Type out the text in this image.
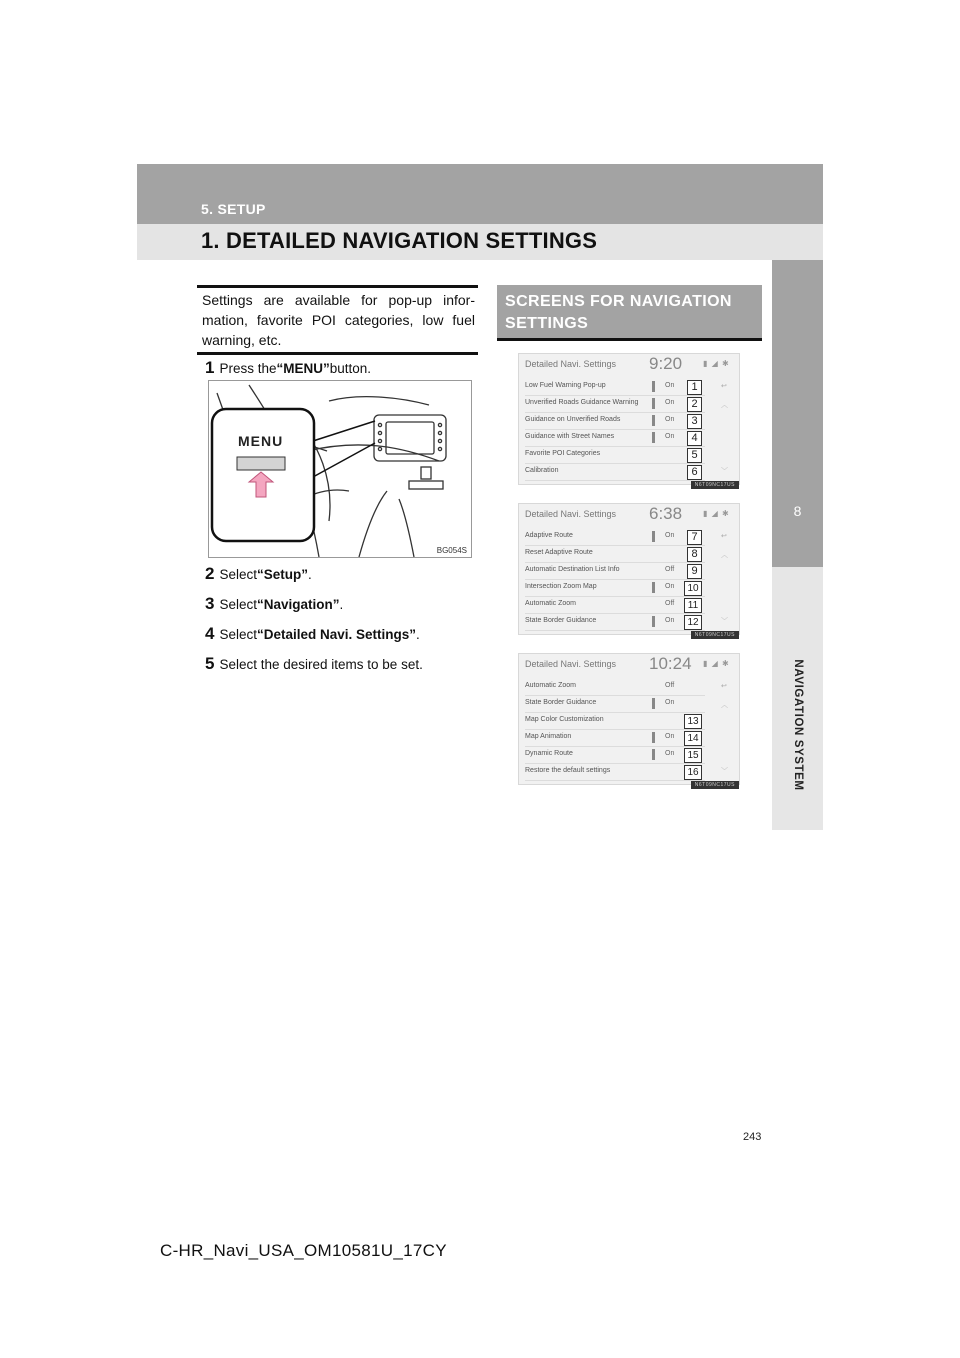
5. SETUP
1. DETAILED NAVIGATION SETTINGS
8
NAVIGATION SYSTEM
Settings are available for pop-up infor-mation, favorite POI categories, low fuel warning, etc.
SCREENS FOR NAVIGATION SETTINGS
1 Press the “MENU” button.
MENU
BG054S
2 Select “Setup” .
3 Select “Navigation” .
4 Select “Detailed Navi. Settings” .
5 Select the desired items to be set.
Detailed Navi. Settings 9:20	▮ ◢ ✱
Low Fuel Warning Pop-up	On	1
Unverified Roads Guidance Warning	On	2
Guidance on Unverified Roads	On	3
Guidance with Street Names	On	4
Favorite POI Categories	5
Calibration	6
↩
︿
﹀
N6T09NC17US
Detailed Navi. Settings 6:38	▮ ◢ ✱
Adaptive Route	On	7
Reset Adaptive Route	8
Automatic Destination List Info	Off	9
Intersection Zoom Map	On	10
Automatic Zoom	Off	11
State Border Guidance	On	12
↩
︿
﹀
N6T09NC17US
Detailed Navi. Settings 10:24 ▮ ◢ ✱
Automatic Zoom	Off
State Border Guidance	On
Map Color Customization	13
Map Animation	On	14
Dynamic Route	On	15
Restore the default settings	16
↩
︿
﹀
N6T09NC17US
243
C-HR_Navi_USA_OM10581U_17CY
